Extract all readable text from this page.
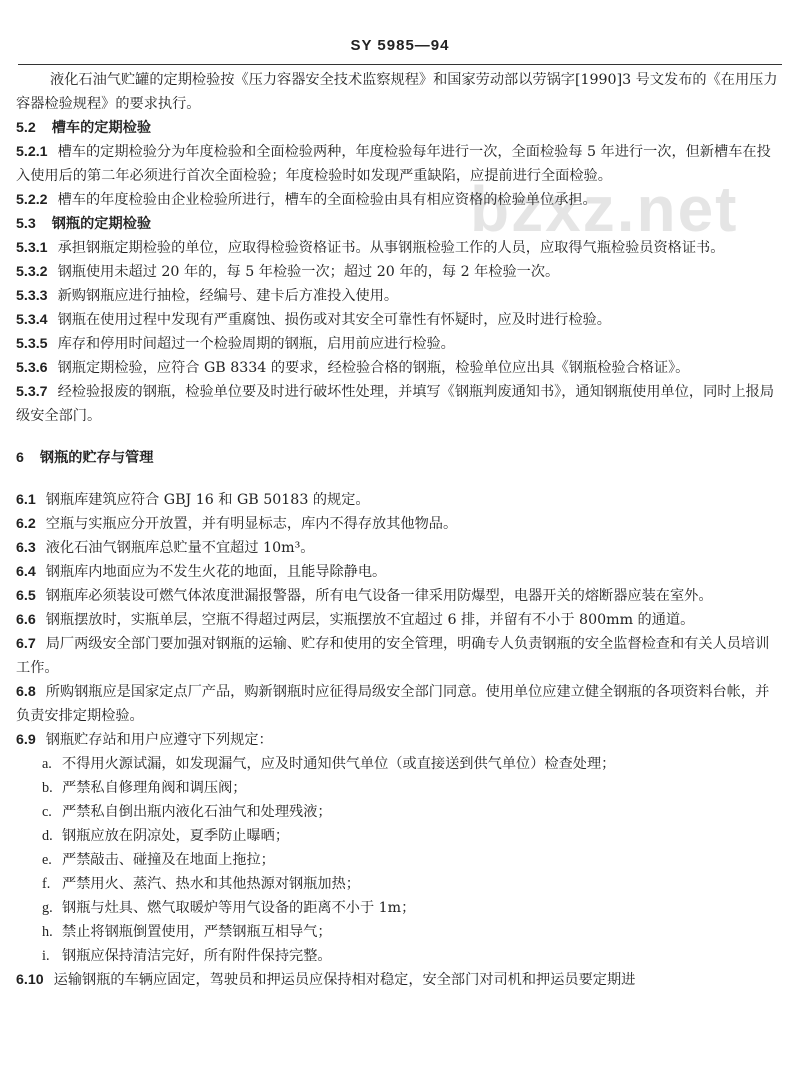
SY 5985—94
bzxz.net

液化石油气贮罐的定期检验按《压力容器安全技术监察规程》和国家劳动部以劳锅字[1990]3 号文发布的《在用压力容器检验规程》的要求执行。

5.2 槽车的定期检验

5.2.1 槽车的定期检验分为年度检验和全面检验两种，年度检验每年进行一次，全面检验每 5 年进行一次，但新槽车在投入使用后的第二年必须进行首次全面检验；年度检验时如发现严重缺陷，应提前进行全面检验。

5.2.2 槽车的年度检验由企业检验所进行，槽车的全面检验由具有相应资格的检验单位承担。

5.3 钢瓶的定期检验

5.3.1 承担钢瓶定期检验的单位，应取得检验资格证书。从事钢瓶检验工作的人员，应取得气瓶检验员资格证书。

5.3.2 钢瓶使用未超过 20 年的，每 5 年检验一次；超过 20 年的，每 2 年检验一次。

5.3.3 新购钢瓶应进行抽检，经编号、建卡后方准投入使用。

5.3.4 钢瓶在使用过程中发现有严重腐蚀、损伤或对其安全可靠性有怀疑时，应及时进行检验。

5.3.5 库存和停用时间超过一个检验周期的钢瓶，启用前应进行检验。

5.3.6 钢瓶定期检验，应符合 GB 8334 的要求，经检验合格的钢瓶，检验单位应出具《钢瓶检验合格证》。

5.3.7 经检验报废的钢瓶，检验单位要及时进行破坏性处理，并填写《钢瓶判废通知书》，通知钢瓶使用单位，同时上报局级安全部门。

6 钢瓶的贮存与管理

6.1 钢瓶库建筑应符合 GBJ 16 和 GB 50183 的规定。

6.2 空瓶与实瓶应分开放置，并有明显标志，库内不得存放其他物品。

6.3 液化石油气钢瓶库总贮量不宜超过 10m³。

6.4 钢瓶库内地面应为不发生火花的地面，且能导除静电。

6.5 钢瓶库必须装设可燃气体浓度泄漏报警器，所有电气设备一律采用防爆型，电器开关的熔断器应装在室外。

6.6 钢瓶摆放时，实瓶单层，空瓶不得超过两层，实瓶摆放不宜超过 6 排，并留有不小于 800mm 的通道。

6.7 局厂两级安全部门要加强对钢瓶的运输、贮存和使用的安全管理，明确专人负责钢瓶的安全监督检查和有关人员培训工作。

6.8 所购钢瓶应是国家定点厂产品，购新钢瓶时应征得局级安全部门同意。使用单位应建立健全钢瓶的各项资料台帐，并负责安排定期检验。

6.9 钢瓶贮存站和用户应遵守下列规定：

a. 不得用火源试漏，如发现漏气，应及时通知供气单位（或直接送到供气单位）检查处理；

b. 严禁私自修理角阀和调压阀；

c. 严禁私自倒出瓶内液化石油气和处理残液；

d. 钢瓶应放在阴凉处，夏季防止曝晒；

e. 严禁敲击、碰撞及在地面上拖拉；

f. 严禁用火、蒸汽、热水和其他热源对钢瓶加热；

g. 钢瓶与灶具、燃气取暖炉等用气设备的距离不小于 1m；

h. 禁止将钢瓶倒置使用，严禁钢瓶互相导气；

i. 钢瓶应保持清洁完好，所有附件保持完整。

6.10 运输钢瓶的车辆应固定，驾驶员和押运员应保持相对稳定，安全部门对司机和押运员要定期进
